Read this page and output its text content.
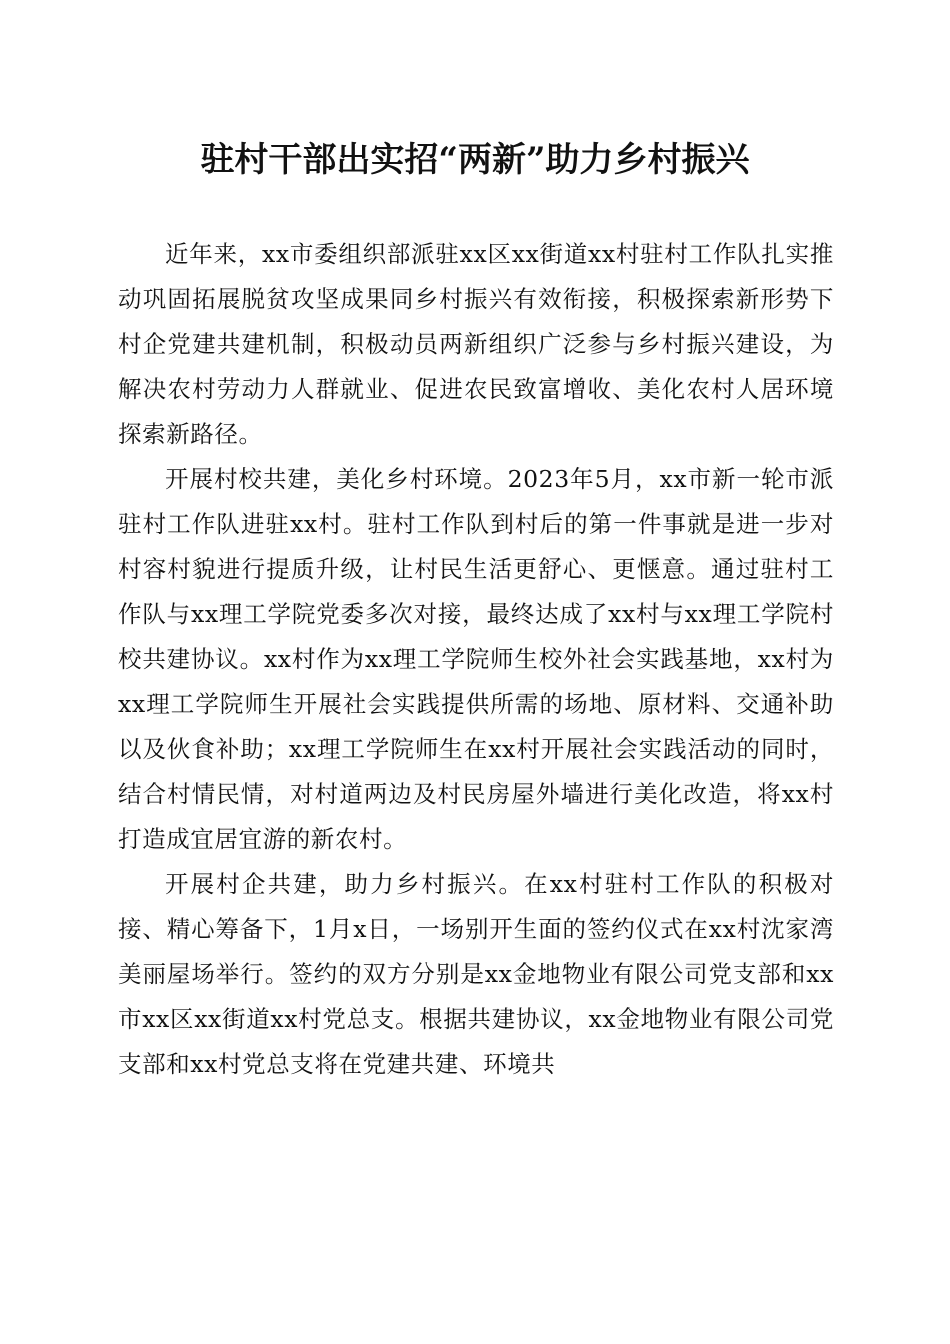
驻村干部出实招“两新”助力乡村振兴

近年来，xx市委组织部派驻xx区xx街道xx村驻村工作队扎实推动巩固拓展脱贫攻坚成果同乡村振兴有效衔接，积极探索新形势下村企党建共建机制，积极动员两新组织广泛参与乡村振兴建设，为解决农村劳动力人群就业、促进农民致富增收、美化农村人居环境探索新路径。

开展村校共建，美化乡村环境。2023年5月，xx市新一轮市派驻村工作队进驻xx村。驻村工作队到村后的第一件事就是进一步对村容村貌进行提质升级，让村民生活更舒心、更惬意。通过驻村工作队与xx理工学院党委多次对接，最终达成了xx村与xx理工学院村校共建协议。xx村作为xx理工学院师生校外社会实践基地，xx村为xx理工学院师生开展社会实践提供所需的场地、原材料、交通补助以及伙食补助；xx理工学院师生在xx村开展社会实践活动的同时，结合村情民情，对村道两边及村民房屋外墙进行美化改造，将xx村打造成宜居宜游的新农村。

开展村企共建，助力乡村振兴。在xx村驻村工作队的积极对接、精心筹备下，1月x日，一场别开生面的签约仪式在xx村沈家湾美丽屋场举行。签约的双方分别是xx金地物业有限公司党支部和xx市xx区xx街道xx村党总支。根据共建协议，xx金地物业有限公司党支部和xx村党总支将在党建共建、环境共
